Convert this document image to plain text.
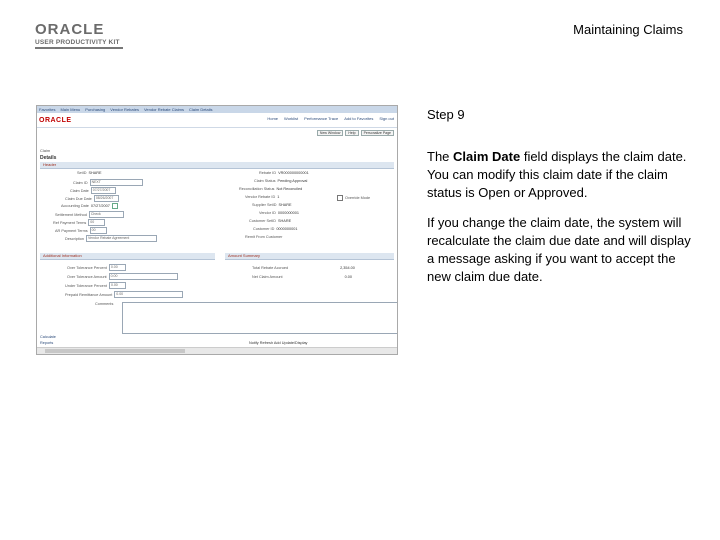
ORACLE
USER PRODUCTIVITY KIT
Maintaining Claims
Favorites Main Menu Purchasing Vendor Rebates Vendor Rebate Claims Claim Details
ORACLE	Home Worklist Performance Trace Add to Favorites Sign out
New Window	Help	Personalize Page
Claim
Details
Header
SetID SHARE
Claim ID	NEXT
Claim Date	07/27/2007
Claim Due Date	08/26/2007
Accounting Date 07/27/2007
Settlement Method	Check
Ref Payment Terms	00
AR Payment Terms	00
Description	Vendor Rebate Agreement
Rebate ID VR000000000001
Claim Status Pending Approval
Reconciliation Status Not Reconciled
Vendor Rebate ID 1	Override Mode
Supplier SetID SHARE
Vendor ID 0000000001
Customer SetID SHARE
Customer ID 0000000001
Remit From Customer
Additional Information	Amount Summary
Over Tolerance Percent	0.00
Over Tolerance Amount	0.00
Under Tolerance Percent	0.00
Prepaid Remittance Amount	0.00
Total Rebate Accrued	2,354.00
Net Claim Amount	0.00
Comments
Calculate
Reports	Notify Refresh Add Update/Display
Step 9

The Claim Date field displays the claim date. You can modify this claim date if the claim status is Open or Approved.

If you change the claim date, the system will recalculate the claim due date and will display a message asking if you want to accept the new claim due date.
